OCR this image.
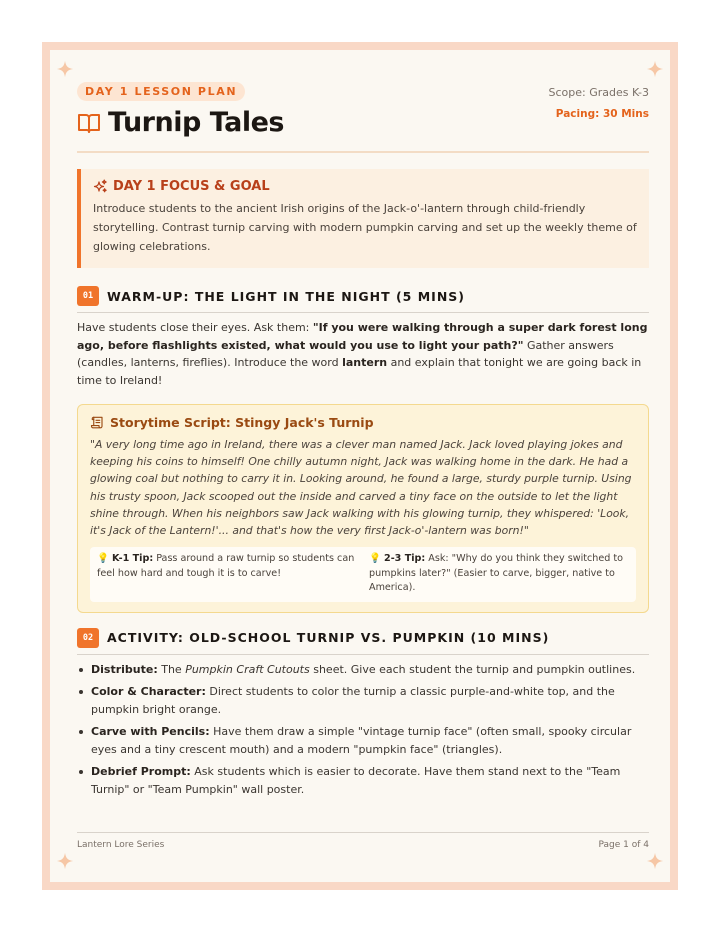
DAY 1 LESSON PLAN
Turnip Tales
Scope: Grades K-3
Pacing: 30 Mins
DAY 1 FOCUS & GOAL

Introduce students to the ancient Irish origins of the Jack-o'-lantern through child-friendly storytelling. Contrast turnip carving with modern pumpkin carving and set up the weekly theme of glowing celebrations.

01	WARM-UP: THE LIGHT IN THE NIGHT (5 MINS)

Have students close their eyes. Ask them: "If you were walking through a super dark forest long ago, before flashlights existed, what would you use to light your path?" Gather answers (candles, lanterns, fireflies). Introduce the word lantern and explain that tonight we are going back in time to Ireland!

Storytime Script: Stingy Jack's Turnip

"A very long time ago in Ireland, there was a clever man named Jack. Jack loved playing jokes and keeping his coins to himself! One chilly autumn night, Jack was walking home in the dark. He had a glowing coal but nothing to carry it in. Looking around, he found a large, sturdy purple turnip. Using his trusty spoon, Jack scooped out the inside and carved a tiny face on the outside to let the light shine through. When his neighbors saw Jack walking with his glowing turnip, they whispered: 'Look, it's Jack of the Lantern!'... and that's how the very first Jack-o'-lantern was born!"

💡 K-1 Tip: Pass around a raw turnip so students can feel how hard and tough it is to carve!
💡 2-3 Tip: Ask: "Why do you think they switched to pumpkins later?" (Easier to carve, bigger, native to America).
02	ACTIVITY: OLD-SCHOOL TURNIP VS. PUMPKIN (10 MINS)
Distribute: The Pumpkin Craft Cutouts sheet. Give each student the turnip and pumpkin outlines.
Color & Character: Direct students to color the turnip a classic purple-and-white top, and the pumpkin bright orange.
Carve with Pencils: Have them draw a simple "vintage turnip face" (often small, spooky circular eyes and a tiny crescent mouth) and a modern "pumpkin face" (triangles).
Debrief Prompt: Ask students which is easier to decorate. Have them stand next to the "Team Turnip" or "Team Pumpkin" wall poster.
Lantern Lore Series	Page 1 of 4
